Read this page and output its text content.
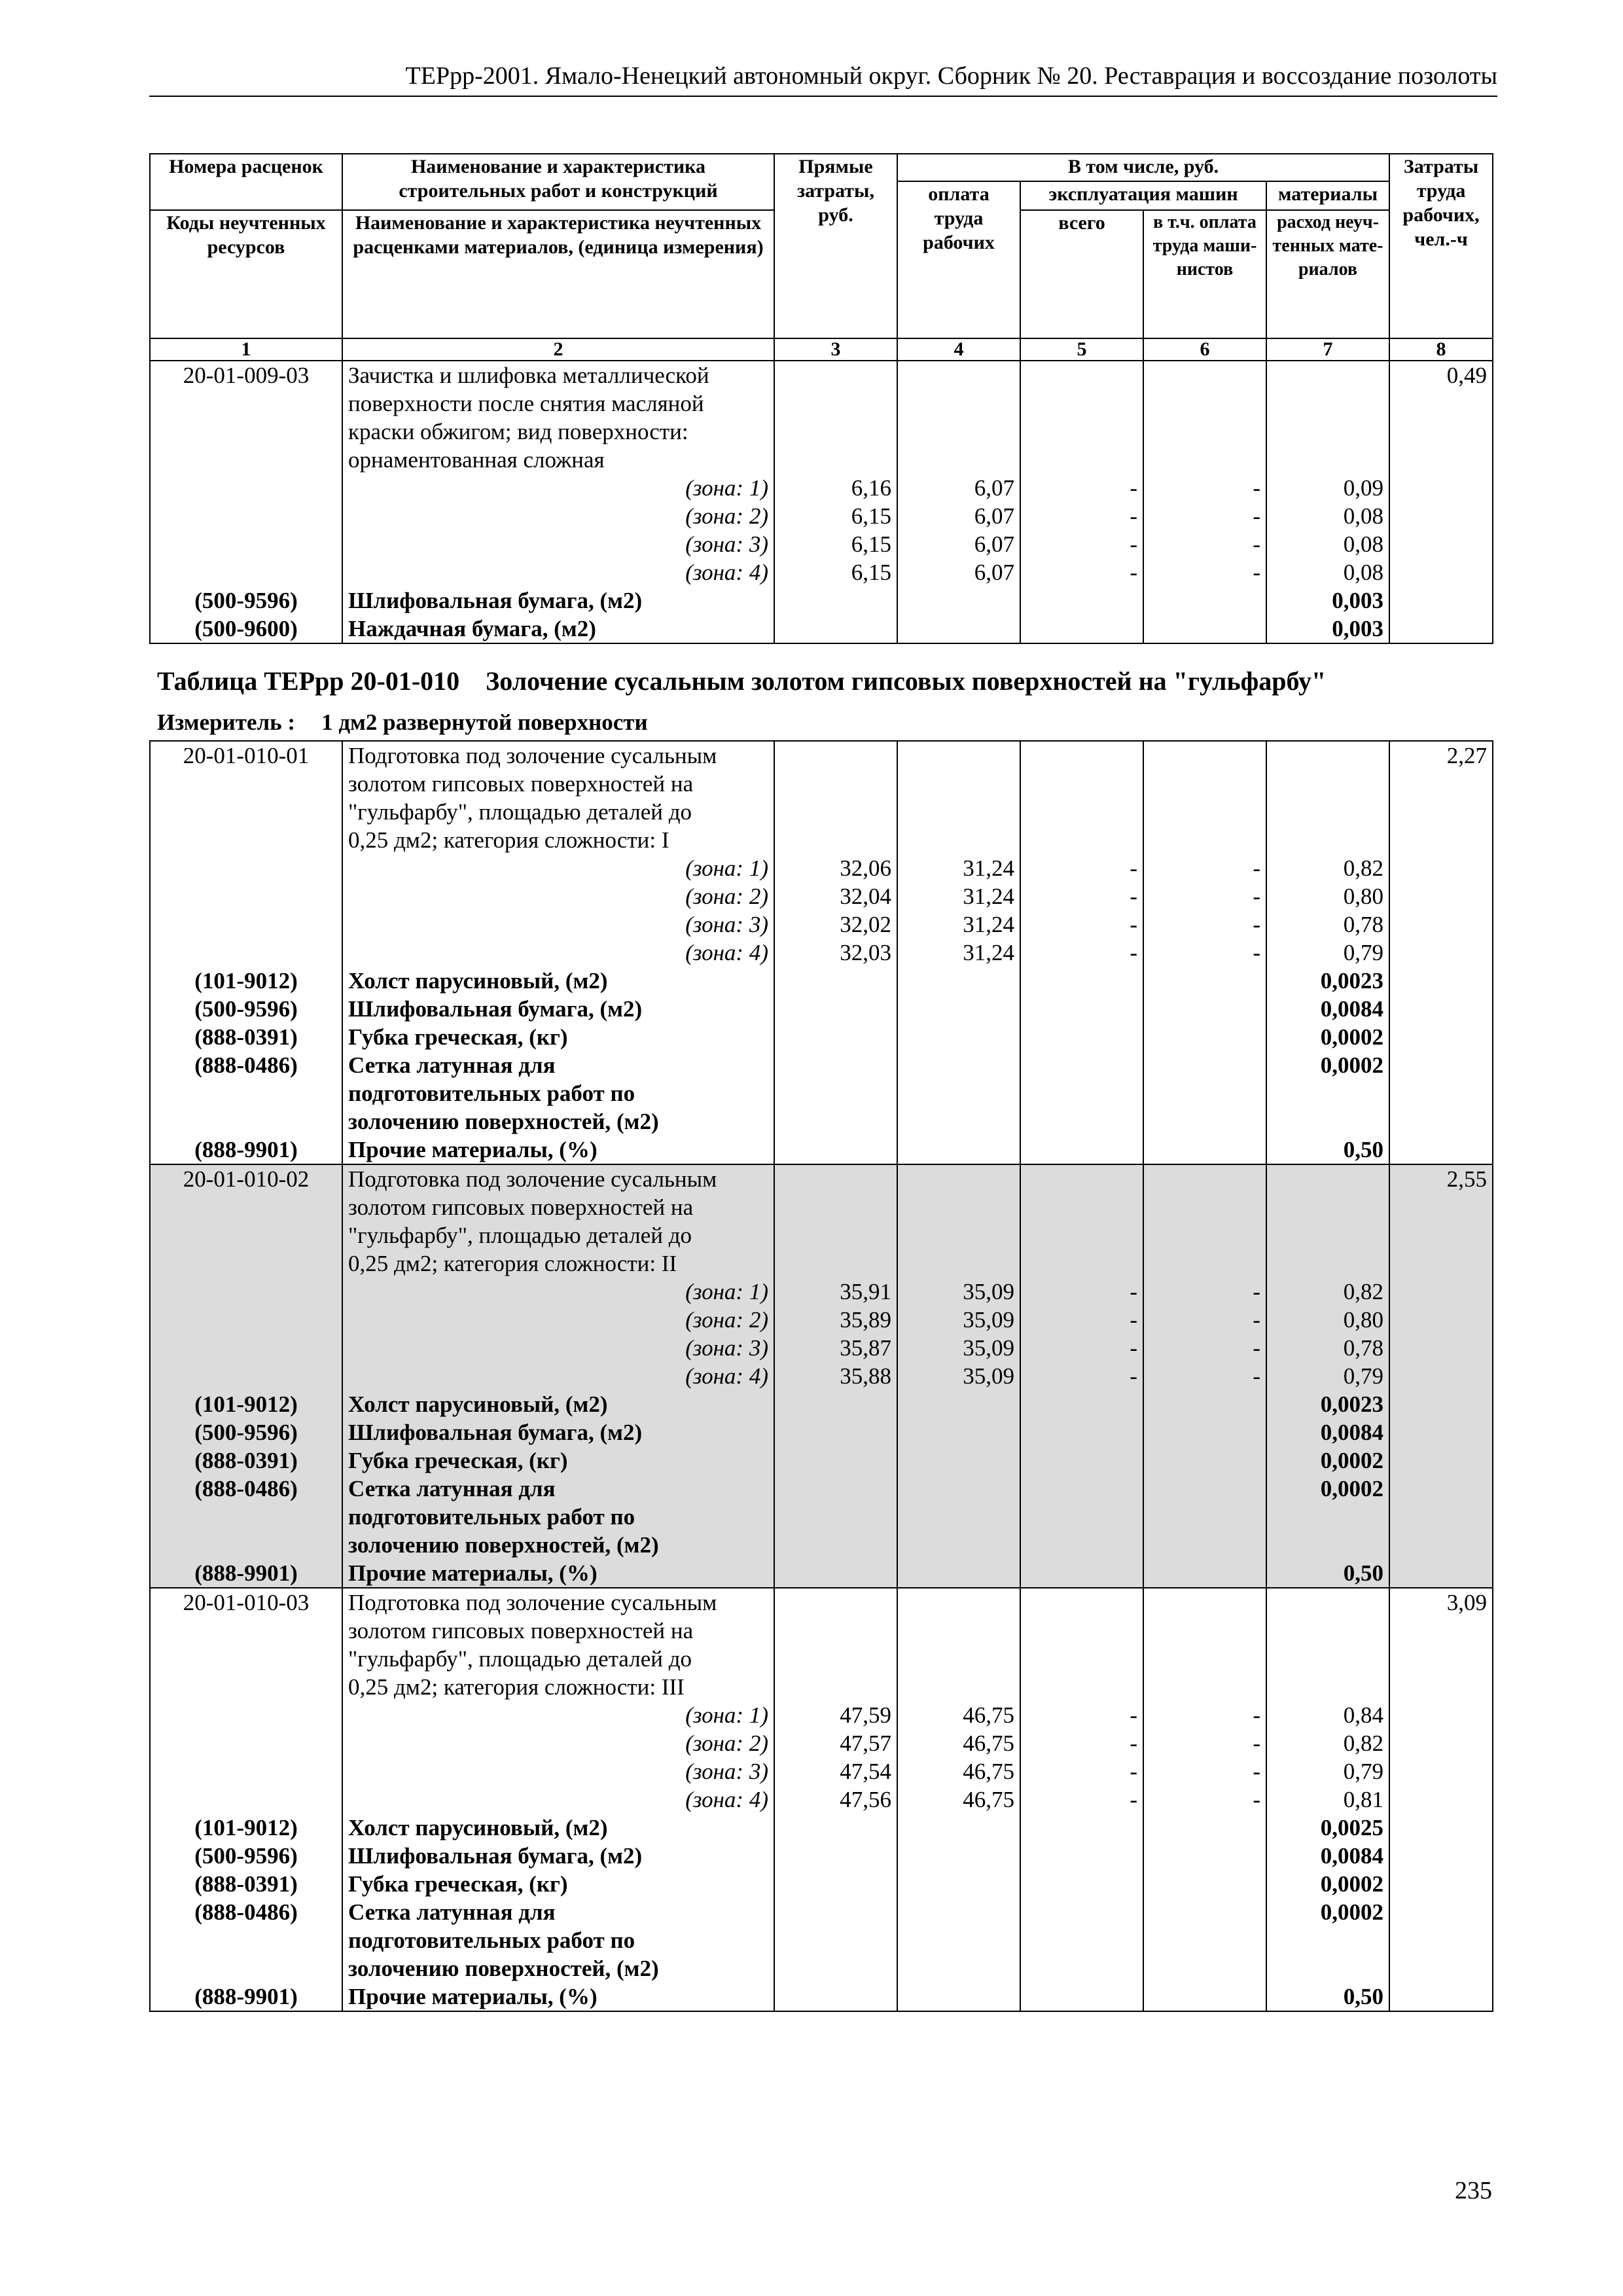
ТЕРрр-2001. Ямало-Ненецкий автономный округ. Сборник № 20. Реставрация и воссоздание позолоты
Номера расценок	Наименование и характеристика строительных работ и конструкций	Прямые затраты, руб.	В том числе, руб.				Затраты труда рабочих, чел.-ч
			оплата труда рабочих	эксплуатация машин		материалы	
Коды неучтенных ресурсов	Наименование и характеристика неучтенных расценками материалов, (единица измерения)			всего	в т.ч. оплата труда маши-нистов	расход неуч-тенных мате-риалов	
1	2	3	4	5	6	7	8
20-01-009-03	Зачистка и шлифовка металлической						0,49
	поверхности после снятия масляной						
	краски обжигом; вид поверхности:						
	орнаментованная сложная						
	(зона: 1)	6,16	6,07	-	-	0,09	
	(зона: 2)	6,15	6,07	-	-	0,08	
	(зона: 3)	6,15	6,07	-	-	0,08	
	(зона: 4)	6,15	6,07	-	-	0,08	
(500-9596)	Шлифовальная бумага, (м2)					0,003	
(500-9600)	Наждачная бумага, (м2)					0,003	
Таблица ТЕРрр 20-01-010 Золочение сусальным золотом гипсовых поверхностей на "гульфарбу"
Измеритель : 1 дм2 развернутой поверхности
20-01-010-01	Подготовка под золочение сусальным						2,27
	золотом гипсовых поверхностей на						
	"гульфарбу", площадью деталей до						
	0,25 дм2; категория сложности: I						
	(зона: 1)	32,06	31,24	-	-	0,82	
	(зона: 2)	32,04	31,24	-	-	0,80	
	(зона: 3)	32,02	31,24	-	-	0,78	
	(зона: 4)	32,03	31,24	-	-	0,79	
(101-9012)	Холст парусиновый, (м2)					0,0023	
(500-9596)	Шлифовальная бумага, (м2)					0,0084	
(888-0391)	Губка греческая, (кг)					0,0002	
(888-0486)	Сетка латунная для					0,0002	
	подготовительных работ по						
	золочению поверхностей, (м2)						
(888-9901)	Прочие материалы, (%)					0,50	
20-01-010-02	Подготовка под золочение сусальным						2,55
	золотом гипсовых поверхностей на						
	"гульфарбу", площадью деталей до						
	0,25 дм2; категория сложности: II						
	(зона: 1)	35,91	35,09	-	-	0,82	
	(зона: 2)	35,89	35,09	-	-	0,80	
	(зона: 3)	35,87	35,09	-	-	0,78	
	(зона: 4)	35,88	35,09	-	-	0,79	
(101-9012)	Холст парусиновый, (м2)					0,0023	
(500-9596)	Шлифовальная бумага, (м2)					0,0084	
(888-0391)	Губка греческая, (кг)					0,0002	
(888-0486)	Сетка латунная для					0,0002	
	подготовительных работ по						
	золочению поверхностей, (м2)						
(888-9901)	Прочие материалы, (%)					0,50	
20-01-010-03	Подготовка под золочение сусальным						3,09
	золотом гипсовых поверхностей на						
	"гульфарбу", площадью деталей до						
	0,25 дм2; категория сложности: III						
	(зона: 1)	47,59	46,75	-	-	0,84	
	(зона: 2)	47,57	46,75	-	-	0,82	
	(зона: 3)	47,54	46,75	-	-	0,79	
	(зона: 4)	47,56	46,75	-	-	0,81	
(101-9012)	Холст парусиновый, (м2)					0,0025	
(500-9596)	Шлифовальная бумага, (м2)					0,0084	
(888-0391)	Губка греческая, (кг)					0,0002	
(888-0486)	Сетка латунная для					0,0002	
	подготовительных работ по						
	золочению поверхностей, (м2)						
(888-9901)	Прочие материалы, (%)					0,50	
235
